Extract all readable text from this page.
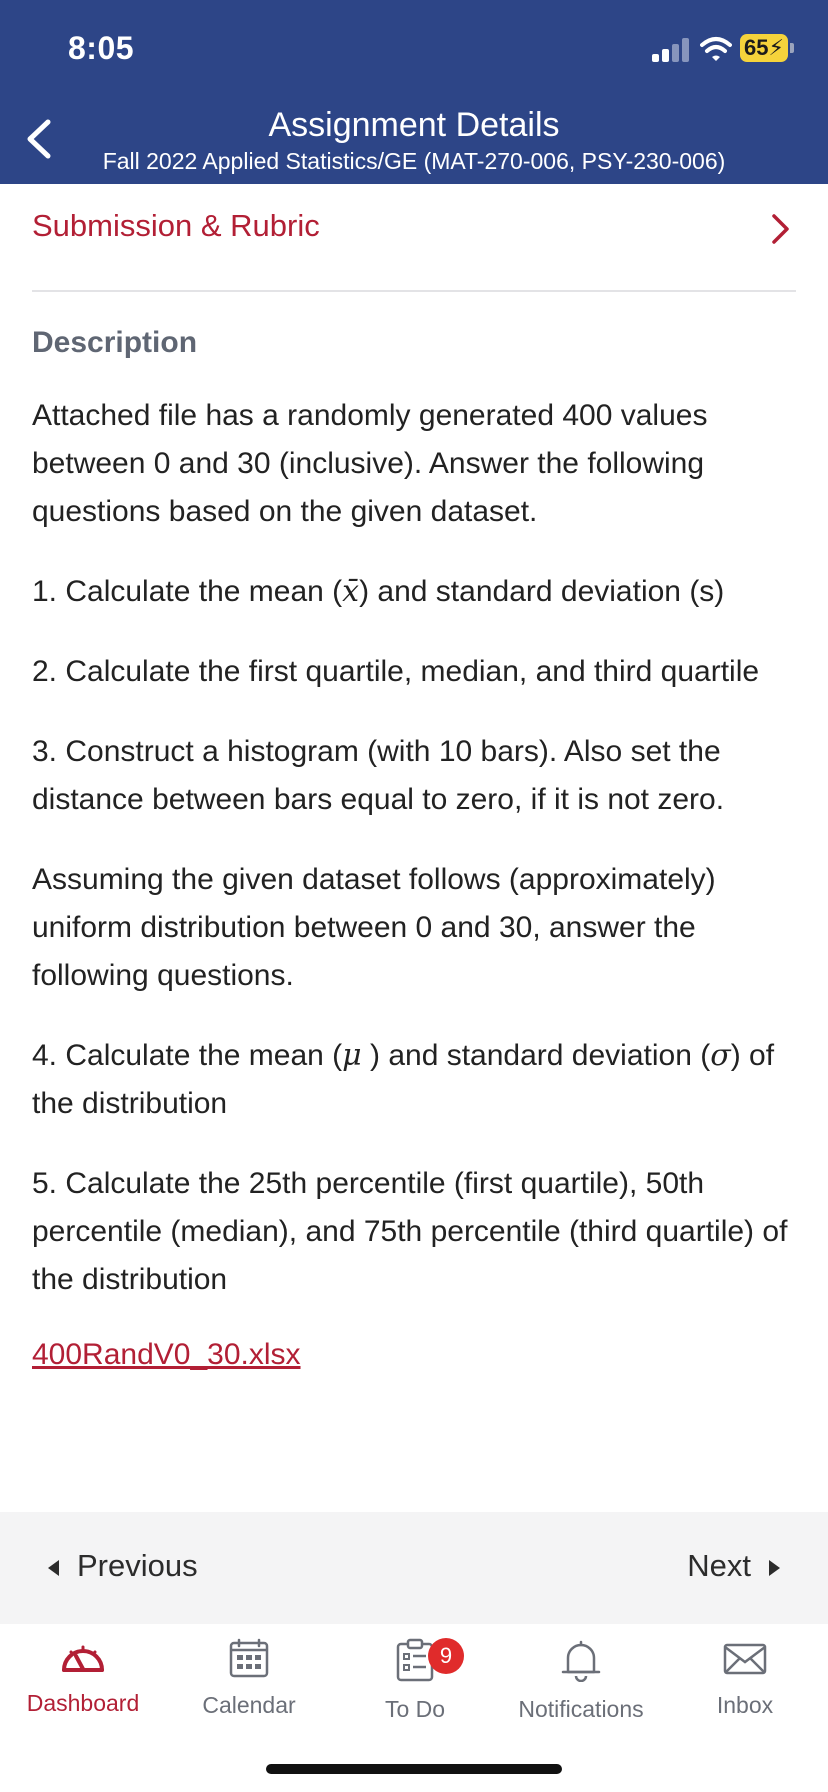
8:05	65⚡
Assignment Details
Fall 2022 Applied Statistics/GE (MAT-270-006, PSY-230-006)
Submission & Rubric
Description

Attached file has a randomly generated 400 values between 0 and 30 (inclusive). Answer the following questions based on the given dataset.

1. Calculate the mean (x̄) and standard deviation (s)

2. Calculate the first quartile, median, and third quartile

3. Construct a histogram (with 10 bars). Also set the distance between bars equal to zero, if it is not zero.

Assuming the given dataset follows (approximately) uniform distribution between 0 and 30, answer the following questions.

4. Calculate the mean (μ ) and standard deviation (σ) of the distribution

5. Calculate the 25th percentile (first quartile), 50th percentile (median), and 75th percentile (third quartile) of the distribution

400RandV0_30.xlsx
Previous	Next
Dashboard	Calendar
9
To Do	Notifications	Inbox
